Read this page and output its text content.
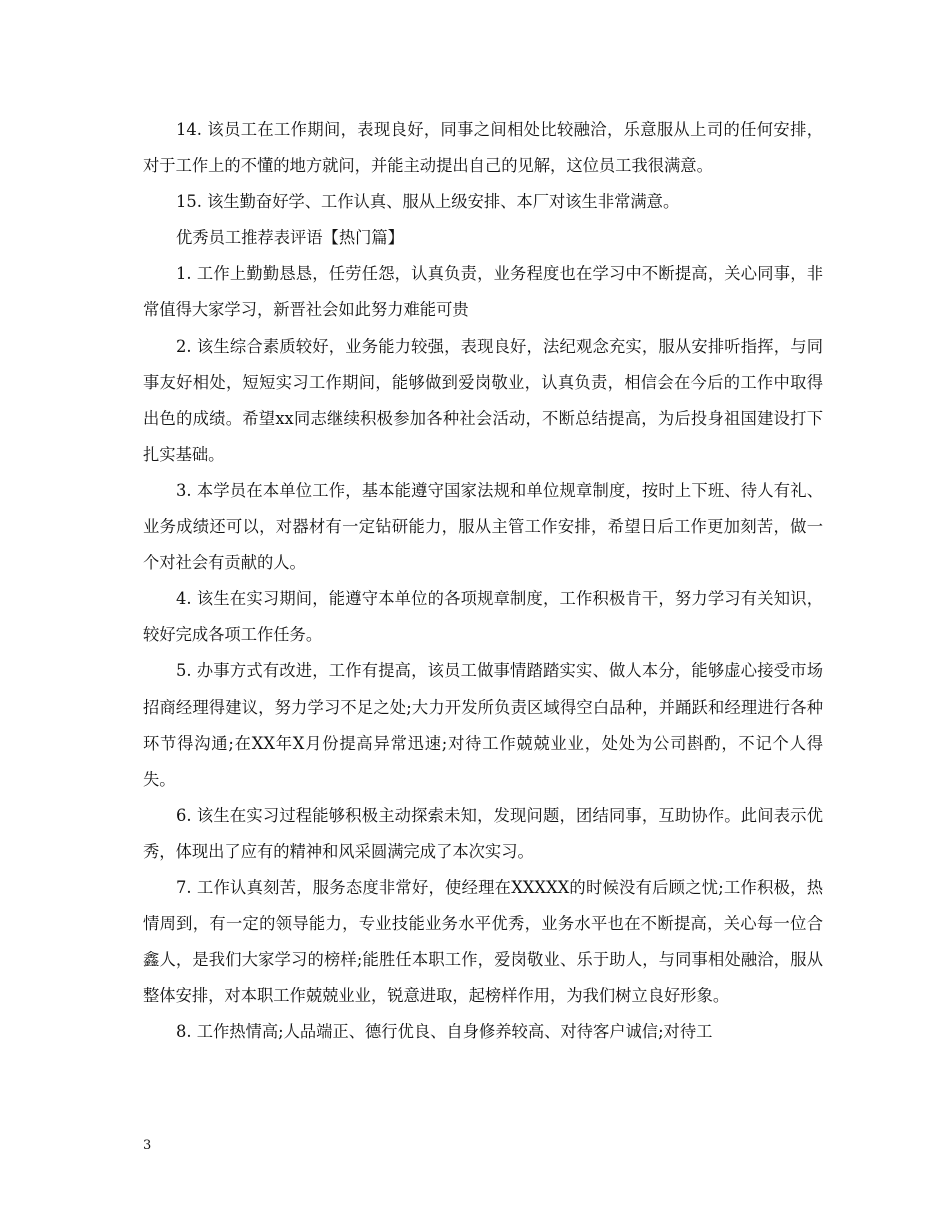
14. 该员工在工作期间，表现良好，同事之间相处比较融洽，乐意服从上司的任何安排，对于工作上的不懂的地方就问，并能主动提出自己的见解，这位员工我很满意。

15. 该生勤奋好学、工作认真、服从上级安排、本厂对该生非常满意。

优秀员工推荐表评语【热门篇】

1. 工作上勤勤恳恳，任劳任怨，认真负责，业务程度也在学习中不断提高，关心同事，非常值得大家学习，新晋社会如此努力难能可贵

2. 该生综合素质较好，业务能力较强，表现良好，法纪观念充实，服从安排听指挥，与同事友好相处，短短实习工作期间，能够做到爱岗敬业，认真负责，相信会在今后的工作中取得出色的成绩。希望xx同志继续积极参加各种社会活动，不断总结提高，为后投身祖国建设打下扎实基础。

3. 本学员在本单位工作，基本能遵守国家法规和单位规章制度，按时上下班、待人有礼、业务成绩还可以，对器材有一定钻研能力，服从主管工作安排，希望日后工作更加刻苦，做一个对社会有贡献的人。

4. 该生在实习期间，能遵守本单位的各项规章制度，工作积极肯干，努力学习有关知识，较好完成各项工作任务。

5. 办事方式有改进，工作有提高，该员工做事情踏踏实实、做人本分，能够虚心接受市场招商经理得建议，努力学习不足之处;大力开发所负责区域得空白品种，并踊跃和经理进行各种环节得沟通;在XX年X月份提高异常迅速;对待工作兢兢业业，处处为公司斟酌，不记个人得失。

6. 该生在实习过程能够积极主动探索未知，发现问题，团结同事，互助协作。此间表示优秀，体现出了应有的精神和风采圆满完成了本次实习。

7. 工作认真刻苦，服务态度非常好，使经理在XXXXX的时候没有后顾之忧;工作积极，热情周到，有一定的领导能力，专业技能业务水平优秀，业务水平也在不断提高，关心每一位合鑫人，是我们大家学习的榜样;能胜任本职工作，爱岗敬业、乐于助人，与同事相处融洽，服从整体安排，对本职工作兢兢业业，锐意进取，起榜样作用，为我们树立良好形象。

8. 工作热情高;人品端正、德行优良、自身修养较高、对待客户诚信;对待工

3
